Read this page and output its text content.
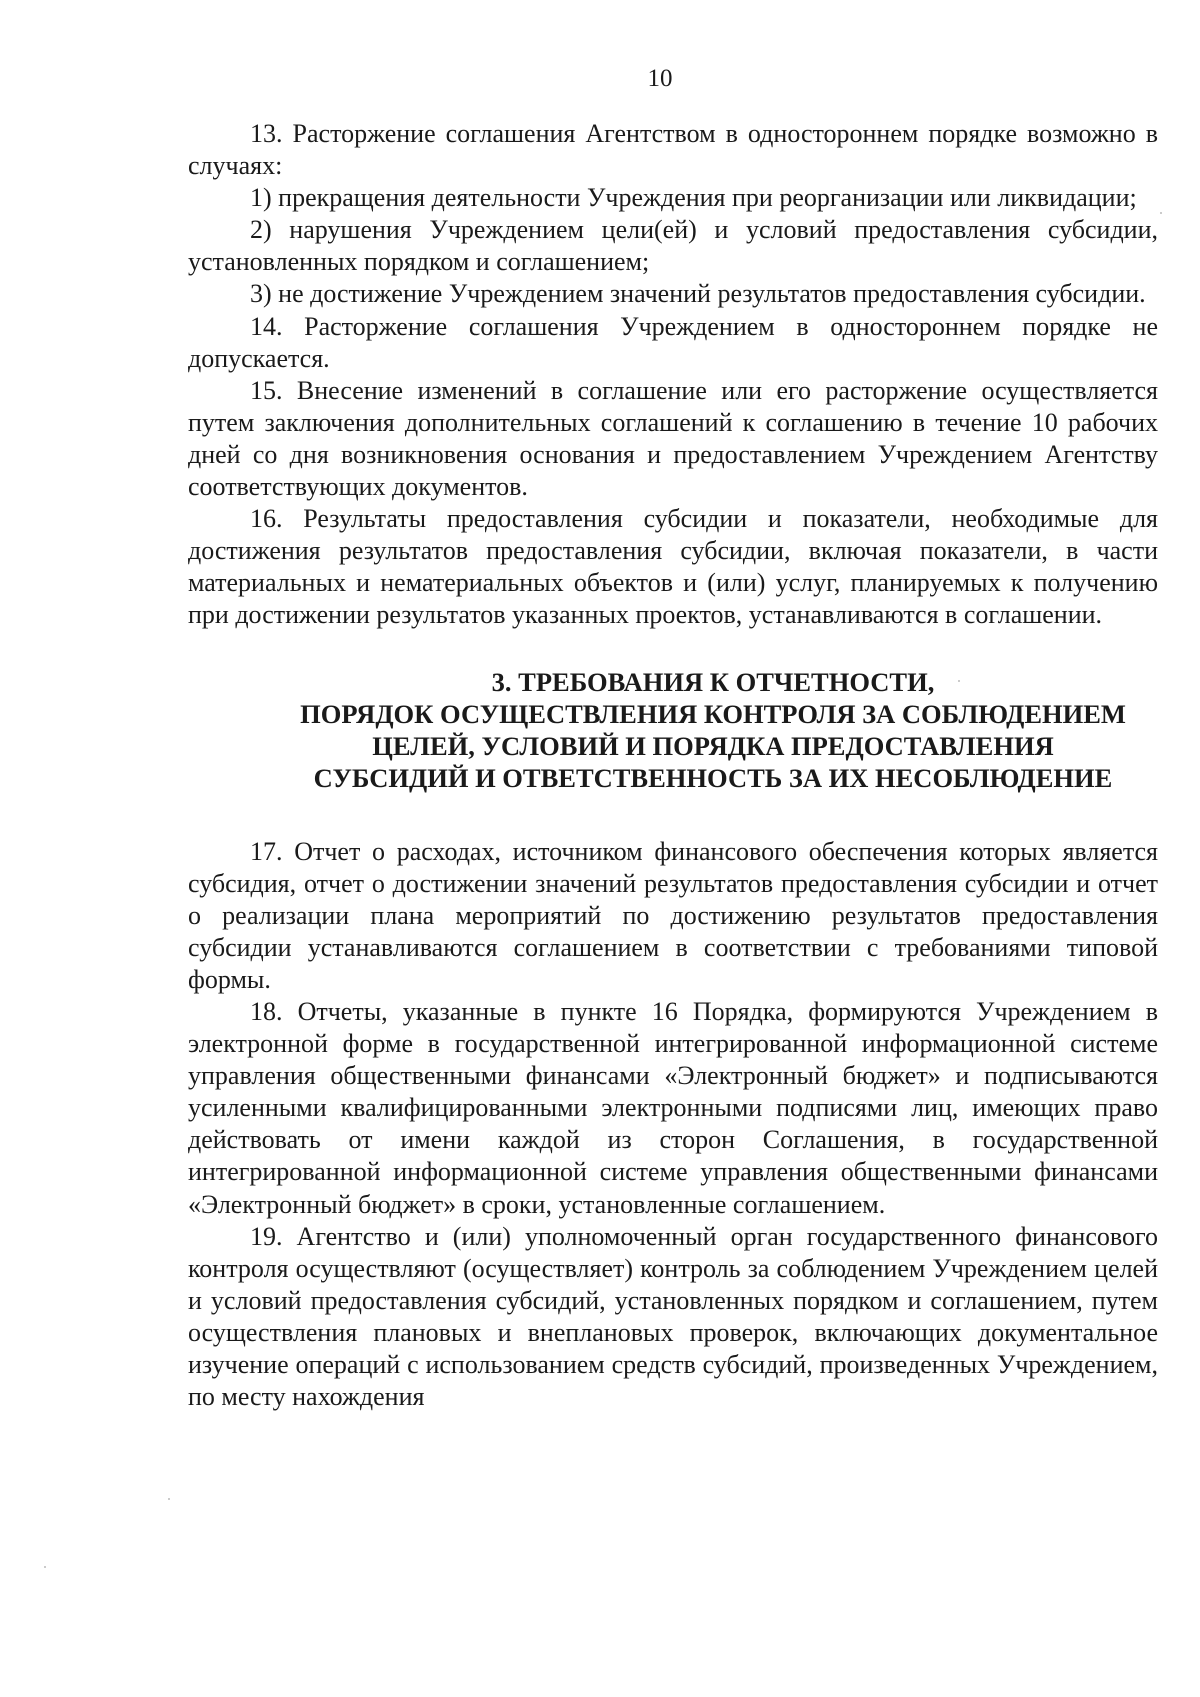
10

13. Расторжение соглашения Агентством в одностороннем порядке возможно в случаях:

1) прекращения деятельности Учреждения при реорганизации или ликвидации;

2) нарушения Учреждением цели(ей) и условий предоставления субсидии, установленных порядком и соглашением;

3) не достижение Учреждением значений результатов предоставления субсидии.

14. Расторжение соглашения Учреждением в одностороннем порядке не допускается.

15. Внесение изменений в соглашение или его расторжение осуществляется путем заключения дополнительных соглашений к соглашению в течение 10 рабочих дней со дня возникновения основания и предоставлением Учреждением Агентству соответствующих документов.

16. Результаты предоставления субсидии и показатели, необходимые для достижения результатов предоставления субсидии, включая показатели, в части материальных и нематериальных объектов и (или) услуг, планируемых к получению при достижении результатов указанных проектов, устанавливаются в соглашении.

3. ТРЕБОВАНИЯ К ОТЧЕТНОСТИ,
ПОРЯДОК ОСУЩЕСТВЛЕНИЯ КОНТРОЛЯ ЗА СОБЛЮДЕНИЕМ
ЦЕЛЕЙ, УСЛОВИЙ И ПОРЯДКА ПРЕДОСТАВЛЕНИЯ
СУБСИДИЙ И ОТВЕТСТВЕННОСТЬ ЗА ИХ НЕСОБЛЮДЕНИЕ

17. Отчет о расходах, источником финансового обеспечения которых является субсидия, отчет о достижении значений результатов предоставления субсидии и отчет о реализации плана мероприятий по достижению результатов предоставления субсидии устанавливаются соглашением в соответствии с требованиями типовой формы.

18. Отчеты, указанные в пункте 16 Порядка, формируются Учреждением в электронной форме в государственной интегрированной информационной системе управления общественными финансами «Электронный бюджет» и подписываются усиленными квалифицированными электронными подписями лиц, имеющих право действовать от имени каждой из сторон Соглашения, в государственной интегрированной информационной системе управления общественными финансами «Электронный бюджет» в сроки, установленные соглашением.

19. Агентство и (или) уполномоченный орган государственного финансового контроля осуществляют (осуществляет) контроль за соблюдением Учреждением целей и условий предоставления субсидий, установленных порядком и соглашением, путем осуществления плановых и внеплановых проверок, включающих документальное изучение операций с использованием средств субсидий, произведенных Учреждением, по месту нахождения
